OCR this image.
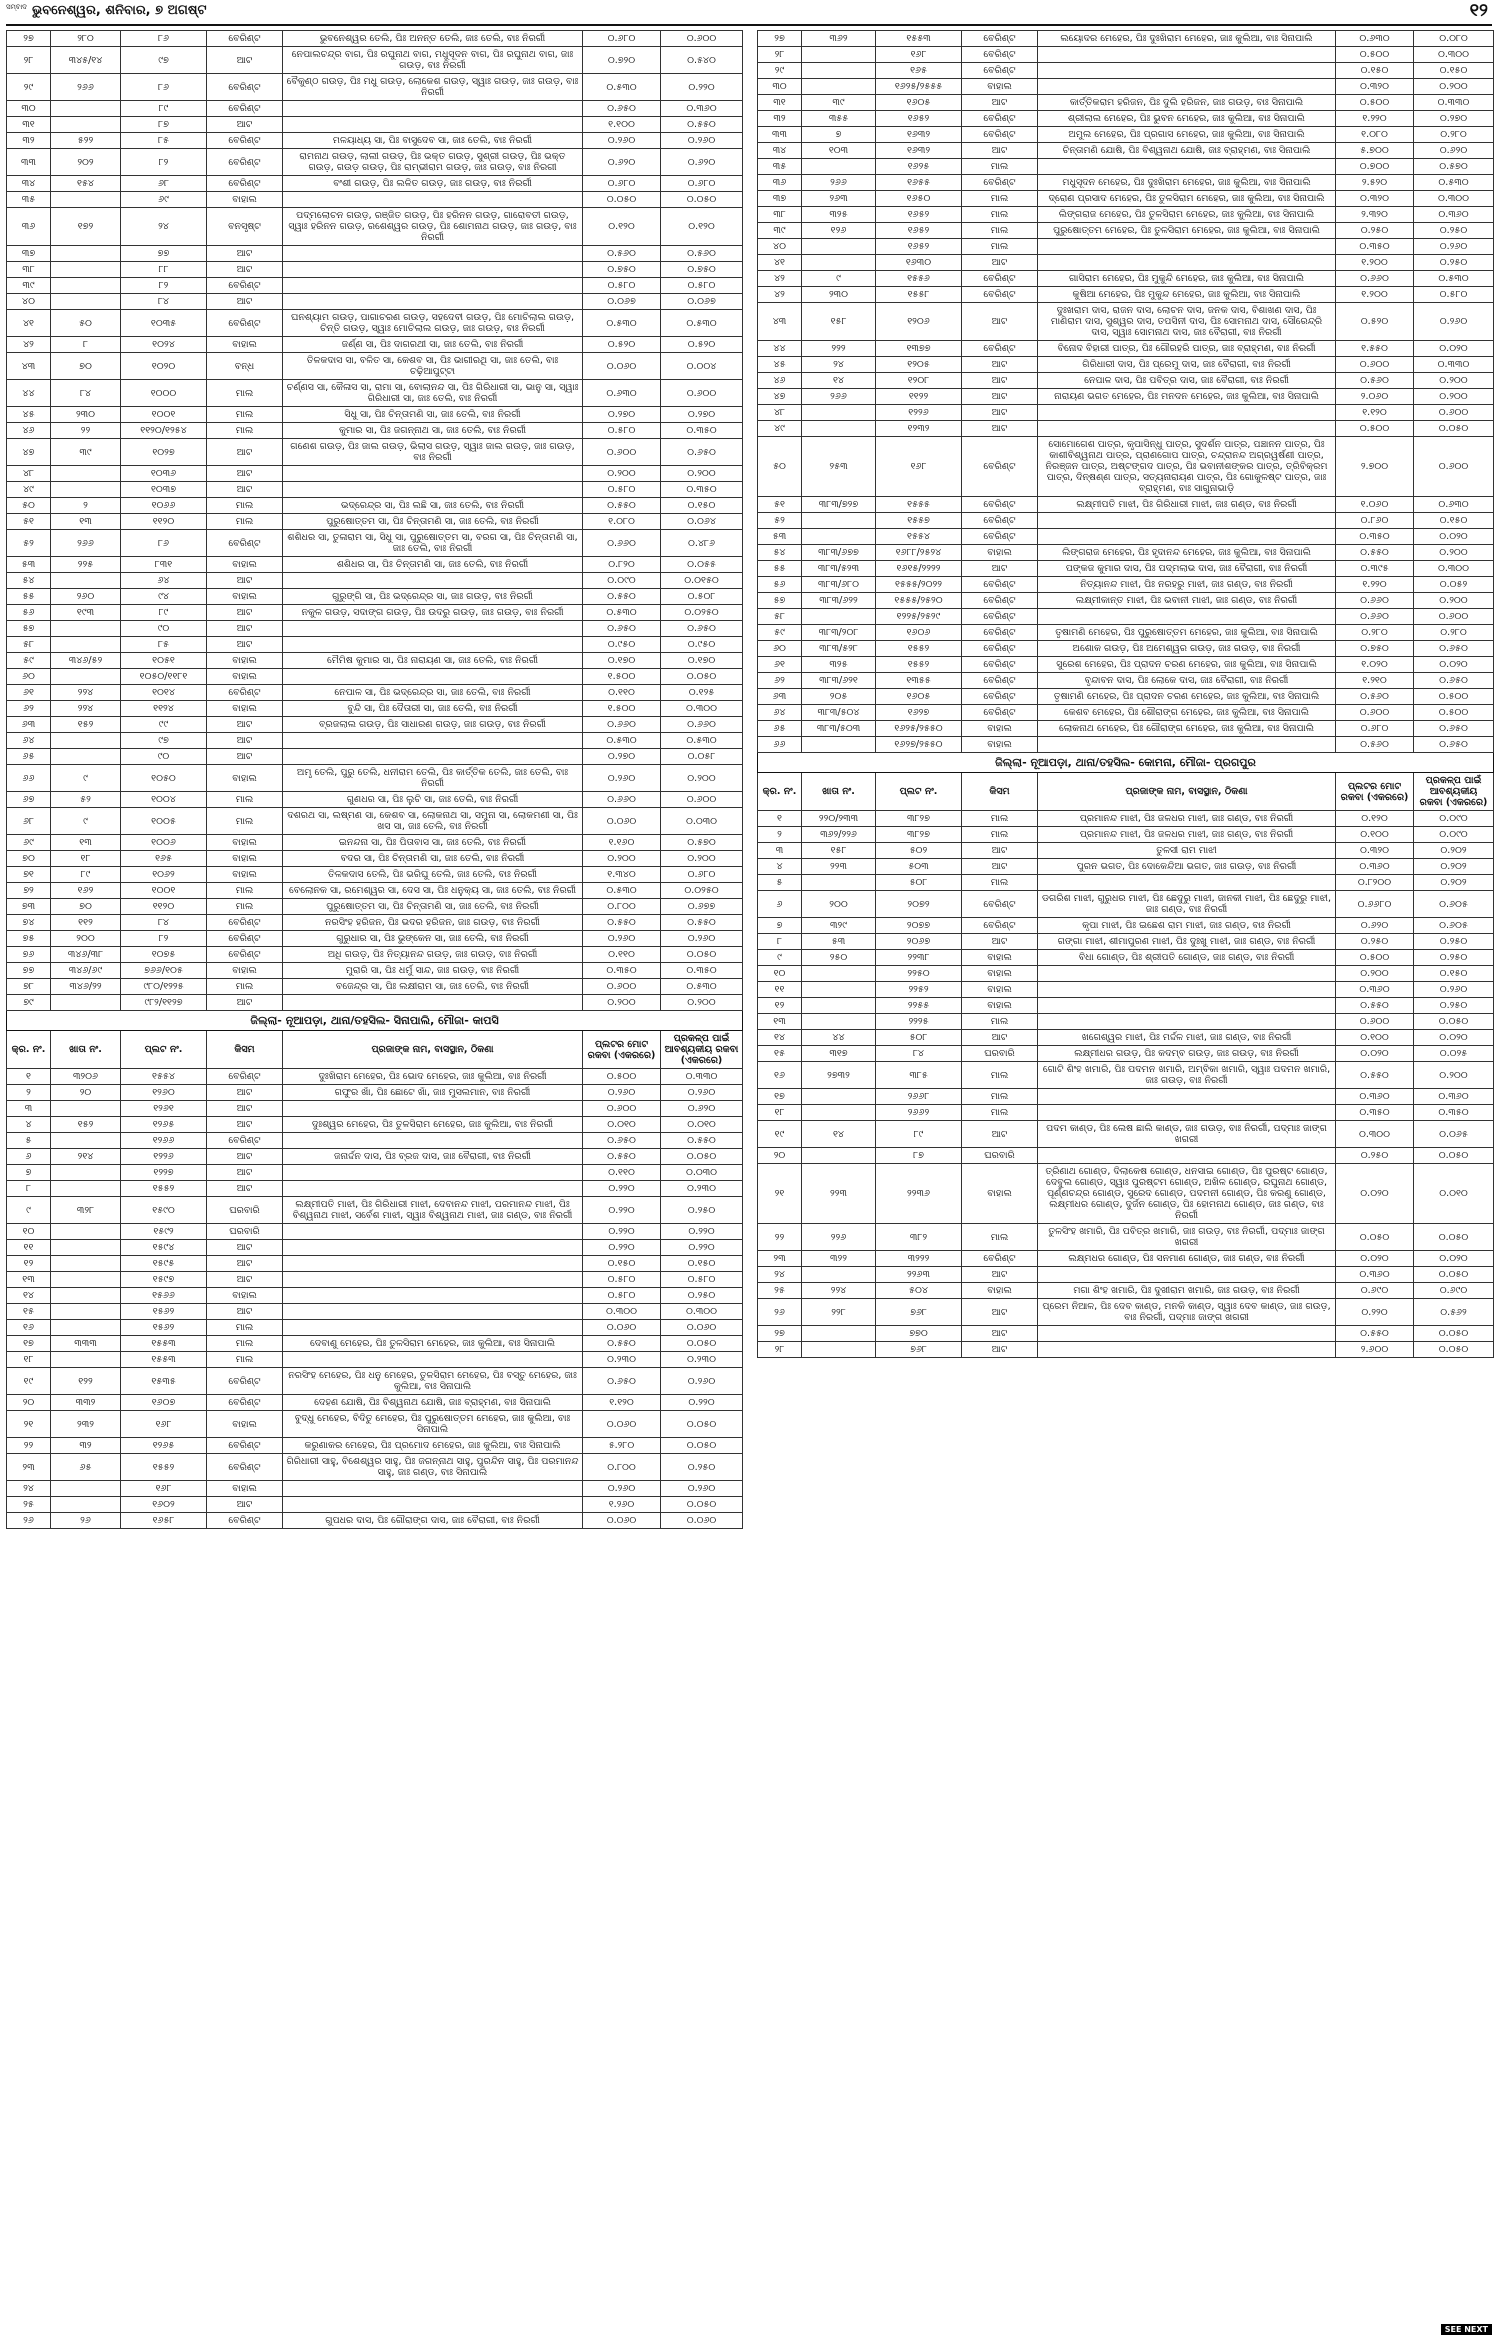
ସମ୍ବାଦ ଭୁବନେଶ୍ୱର, ଶନିବାର, ୭ ଅଗଷ୍ଟ	୧୨
୨୭	୨୮୦	୮୬	ବେରିଣ୍ଟ	ଭୁବନେଶ୍ୱର ତେଲି, ପିଃ ଅନନ୍ତ ତେଲି, ଜାଃ ତେଲି, ବାଃ ନିରର୍ଗୀ	୦.୬୮୦	୦.୬୦୦
୨୮	୩୪୫/୧୪	୯୭	ଆଟ	ନେପାଲଚନ୍ଦ୍ର ବାଗ, ପିଃ ରଘୁନାଥ ବାଗ, ମଧୁସୂଦନ ବାଗ, ପିଃ ରଘୁନାଥ ବାଗ, ଜାଃ ଗଉଡ଼, ବାଃ ନିରର୍ଗୀ	୦.୭୨୦	୦.୫୪୦
୨୯	୨୬୬	୮୬	ବେରିଣ୍ଟ	ବୈକୁଣ୍ଠ ଗଉଡ଼, ପିଃ ମଧୁ ଗଉଡ଼, ଲୋକେଶ ଗଉଡ଼, ସ୍ୱାଃ ଗଉଡ଼, ଜାଃ ଗଉଡ଼, ବାଃ ନିରର୍ଗୀ	୦.୫୩୦	୦.୨୨୦
୩୦		୮୯	ବେରିଣ୍ଟ		୦.୬୫୦	୦.୩୬୦
୩୧		୮୭	ଆଟ		୧.୧୦୦	୦.୫୫୦
୩୨	୫୨୨	୮୫	ବେରିଣ୍ଟ	ମଳୟାଧ୍ୟ ସା, ପିଃ ବାସୁଦେବ ସା, ଜାଃ ତେଲି, ବାଃ ନିରର୍ଗୀ	୦.୨୬୦	୦.୨୬୦
୩୩	୨୦୨	୮୨	ବେରିଣ୍ଟ	ରାମନାଥ ଗଉଡ଼, ଲାଲୀ ଗଉଡ଼, ପିଃ ଭକ୍ତ ଗଉଡ଼, ସୁଶ୍ରୀ ଗଉଡ଼, ପିଃ ଭକ୍ତ ଗଉଡ଼, ଗଉଡ଼ ଗଉଡ଼, ପିଃ ରାମ୍ଭୀରାମ ଗଉଡ଼, ଜାଃ ଗଉଡ଼, ବାଃ ନିରଗୀ	୦.୬୨୦	୦.୬୨୦
୩୪	୧୫୪	୬୮	ବେରିଣ୍ଟ	ବଂଶୀ ଗଉଡ଼, ପିଃ ଲଳିତ ଗଉଡ଼, ଜାଃ ଗଉଡ଼, ବାଃ ନିରର୍ଗୀ	୦.୬୮୦	୦.୬୮୦
୩୫		୬୯	ବାହାଲ		୦.୦୫୦	୦.୦୫୦
୩୬	୧୭୨	୨୪	ବନସୃଷ୍ଟ	ପଦ୍ମଲୋଚନ ଗଉଡ଼, ରଞ୍ଜିତ ଗଉଡ଼, ପିଃ ହରିନନ ଗଉଡ଼, ଗାରୋବତୀ ଗଉଡ଼, ସ୍ୱାଃ ହରିନନ ଗଉଡ଼, ରଶେଶ୍ୱର ଗଉଡ଼, ପିଃ ଶୋମନାଥ ଗଉଡ଼, ଜାଃ ଗଉଡ଼, ବାଃ ନିରର୍ଗୀ	୦.୧୨୦	୦.୧୨୦
୩୭		୭୭	ଆଟ		୦.୫୬୦	୦.୫୬୦
୩୮		୮୮	ଆଟ		୦.୭୫୦	୦.୭୫୦
୩୯		୮୨	ବେରିଣ୍ଟ		୦.୫୮୦	୦.୫୮୦
୪୦		୮୪	ଆଟ		୦.୦୬୭	୦.୦୬୭
୪୧	୫୦	୧୦୩୫	ବେରିଣ୍ଟ	ଘନଶ୍ୟାମ ଗଉଡ଼, ପାଗାଚରଣ ଗଉଡ଼, ସହଦେବୀ ଗଉଡ଼, ପିଃ ମୋଚିଲାଲ ଗଉଡ଼, ଚିନ୍ତି ଗଉଡ଼, ସ୍ୱାଃ ମୋଚିଲାଲ ଗଉଡ଼, ଜାଃ ଗଉଡ଼, ବାଃ ନିରର୍ଗୀ	୦.୫୩୦	୦.୫୩୦
୪୨	୮	୧୦୨୪	ବାହାଲ	ଜର୍ଣ୍ଣ ସା, ପିଃ ଦାଗରଥୀ ସା, ଜାଃ ତେଲି, ବାଃ ନିରର୍ଗୀ	୦.୫୨୦	୦.୫୨୦
୪୩	୭୦	୧୦୨୦	ବନ୍ଧ	ତିଳକଦାସ ସା, ବଳିତ ସା, କେଶବ ସା, ପିଃ ଭାଗୀରଥି ସା, ଜାଃ ତେଲି, ବାଃ ଚଢ଼ିଆପୁଟ୍ଟା	୦.୦୬୦	୦.୦୦୪
୪୪	୮୪	୧୦୦୦	ମାଲ	ଚର୍ଣ୍ଣସ ସା, କୈଳାସ ସା, ରାମା ସା, ବୋଲାନନ୍ଦ ସା, ପିଃ ଗିରିଧାରୀ ସା, ଭାନୁ ସା, ସ୍ୱାଃ ଗିରିଧାରୀ ସା, ଜାଃ ତେଲି, ବାଃ ନିରର୍ଗୀ	୦.୬୩୦	୦.୬୦୦
୪୫	୨୩୦	୧୦୦୧	ମାଲ	ସିଧୁ ସା, ପିଃ ଚିନ୍ତାମଣି ସା, ଜାଃ ତେଲି, ବାଃ ନିରର୍ଗୀ	୦.୨୭୦	୦.୨୭୦
୪୬	୨୨	୧୧୨୦/୧୨୫୪	ମାଲ	କୁମାର ସା, ପିଃ ଜଗନ୍ନାଥ ସା, ଜାଃ ତେଲି, ବାଃ ନିରର୍ଗୀ	୦.୫୮୦	୦.୩୫୦
୪୭	୩୯	୧୦୨୭	ଆଟ	ଗଣେଶ ଗଉଡ଼, ପିଃ ଜାଲ ଗଉଡ଼, ଭିଲାସ ଗଉଡ଼, ସ୍ୱାଃ ଜାଲ ଗଉଡ଼, ଜାଃ ଗଉଡ଼, ବାଃ ନିରର୍ଗୀ	୦.୬୦୦	୦.୬୫୦
୪୮		୧୦୩୬	ଆଟ		୦.୨୦୦	୦.୨୦୦
୪୯		୧୦୩୭	ଆଟ		୦.୫୮୦	୦.୩୫୦
୫୦	୨	୧୦୬୬	ମାଲ	ଭଦ୍ରେନ୍ଦ୍ର ସା, ପିଃ ଲଛି ସା, ଜାଃ ତେଲି, ବାଃ ନିରର୍ଗୀ	୦.୫୫୦	୦.୧୫୦
୫୧	୧୩	୧୧୨୦	ମାଲ	ପୁରୁଷୋତ୍ତମ ସା, ପିଃ ଚିନ୍ତାମଣି ସା, ଜାଃ ତେଲି, ବାଃ ନିରର୍ଗୀ	୧.୦୮୦	୦.୦୬୪
୫୨	୨୬୬	୮୬	ବେରିଣ୍ଟ	ଶଶିଧର ସା, ତୁଳାରାମ ସା, ସିଧୁ ସା, ପୁରୁଷୋତ୍ତମ ସା, ବରଗ ସା, ପିଃ ଚିନ୍ତାମଣି ସା, ଜାଃ ତେଲି, ବାଃ ନିରର୍ଗୀ	୦.୬୬୦	୦.୪୮୬
୫୩	୨୨୫	୮୩୧	ବାହାଲ	ଶଶିଧର ସା, ପିଃ ଚିନ୍ତାମଣି ସା, ଜାଃ ତେଲି, ବାଃ ନିରର୍ଗୀ	୦.୮୨୦	୦.୦୫୫
୫୪		୬୪	ଆଟ		୦.୦୯୦	୦.୦୧୫୦
୫୫	୨୬୦	୯୪	ବାହାଲ	ଗୁରୁଙ୍ଗି ସା, ପିଃ ଭଦ୍ରେନ୍ଦ୍ର ସା, ଜାଃ ଗଉଡ଼, ବାଃ ନିରର୍ଗୀ	୦.୫୫୦	୦.୫୦୮
୫୬	୧୯୩	୮୯	ଆଟ	ନକୁଳ ଗଉଡ଼, ସଦାଙ୍ଗ ଗଉଡ଼, ପିଃ ଉଦରୁ ଗଉଡ଼, ଜାଃ ଗଉଡ଼, ବାଃ ନିରର୍ଗୀ	୦.୫୩୦	୦.୦୨୫୦
୫୭		୯୦	ଆଟ		୦.୬୫୦	୦.୬୫୦
୫୮		୮୫	ଆଟ		୦.୯୫୦	୦.୯୫୦
୫୯	୩୪୬/୫୨	୧୦୫୧	ବାହାଲ	ମୈମିଷ କୁମାର ସା, ପିଃ ନାରାୟଣ ସା, ଜାଃ ତେଲି, ବାଃ ନିରର୍ଗୀ	୦.୧୭୦	୦.୧୭୦
୬୦		୧୦୫୦/୧୧୮୧	ବାହାଲ		୧.୫୦୦	୦.୦୫୦
୬୧	୨୨୪	୧୦୧୪	ବେରିଣ୍ଟ	ନେପାଳ ସା, ପିଃ ଭଦ୍ରେନ୍ଦ୍ର ସା, ଜାଃ ତେଲି, ବାଃ ନିରର୍ଗୀ	୦.୧୧୦	୦.୧୨୫
୬୨	୨୨୪	୧୧୨୪	ବାହାଲ	ବୁନ୍ଦି ସା, ପିଃ ଦୈତାରୀ ସା, ଜାଃ ତେଲି, ବାଃ ନିରର୍ଗୀ	୧.୫୦୦	୦.୩୦୦
୬୩	୧୫୨	୯୯	ଆଟ	ବ୍ରଜଲାଲ ଗଉଡ଼, ପିଃ ସାଧାରଣ ଗଉଡ଼, ଜାଃ ଗଉଡ଼, ବାଃ ନିରର୍ଗୀ	୦.୬୬୦	୦.୬୬୦
୬୪		୯୭	ଆଟ		୦.୫୩୦	୦.୫୩୦
୬୫		୯୦	ଆଟ		୦.୨୭୦	୦.୦୫୮
୬୬	୯	୧୦୫୦	ବାହାଲ	ଅମୃ ତେଲି, ପୁରୁ ତେଲି, ଧନୀରାମ ତେଲି, ପିଃ କାର୍ତ୍ତିକ ତେଲି, ଜାଃ ତେଲି, ବାଃ ନିରର୍ଗୀ	୦.୨୬୦	୦.୨୦୦
୬୭	୫୨	୧୦୦୪	ମାଲ	ଗୁଣଧର ସା, ପିଃ ଲୁଚି ସା, ଜାଃ ତେଲି, ବାଃ ନିରର୍ଗୀ	୦.୬୬୦	୦.୬୦୦
୬୮	୯	୧୦୦୫	ମାଲ	ଦଶରଥ ସା, ଲଷ୍ମଣ ସା, କେଶବ ସା, ଲୋକନାଥ ସା, ସମୁନା ସା, ଲୋକମଣୀ ସା, ପିଃ ଖସ ସା, ଜାଃ ତେଲି, ବାଃ ନିରର୍ଗୀ	୦.୦୬୦	୦.୦୩୦
୬୯	୧୩	୧୦୦୬	ବାହାଲ	ଇନନ୍ଦନା ସା, ପିଃ ପିତାବାସ ସା, ଜାଃ ତେଲି, ବାଃ ନିରର୍ଗୀ	୧.୧୬୦	୦.୫୭୦
୭୦	୧୮	୧୬୫	ବାହାଲ	ବଦର ସା, ପିଃ ଚିନ୍ତାମଣି ସା, ଜାଃ ତେଲି, ବାଃ ନିରର୍ଗୀ	୦.୨୦୦	୦.୨୦୦
୭୧	୮୯	୧୦୬୨	ବାହାଲ	ତିଳକଦାସ ତେଲି, ପିଃ ଭରିଘୁ ତେଲି, ଜାଃ ତେଲି, ବାଃ ନିରର୍ଗୀ	୧.୩୪୦	୦.୬୮୦
୭୨	୧୬୨	୧୦୦୧	ମାଲ	ବେଲୋନକ ସା, ରମେଶ୍ୱର ସା, ଦେସ ସା, ପିଃ ଧନୁକ୍ୟ ସା, ଜାଃ ତେଲି, ବାଃ ନିରର୍ଗୀ	୦.୫୩୦	୦.୦୨୫୦
୭୩	୭୦	୧୧୨୦	ମାଲ	ପୁରୁଷୋତ୍ତମ ସା, ପିଃ ଚିନ୍ତାମଣି ସା, ଜାଃ ତେଲି, ବାଃ ନିରର୍ଗୀ	୦.୮୦୦	୦.୬୭୭
୭୪	୧୧୨	୮୪	ବେରିଣ୍ଟ	ନରସିଂହ ହରିଜନ, ପିଃ ଭଦର ହରିଜନ, ଜାଃ ଗଉଡ଼, ବାଃ ନିରର୍ଗୀ	୦.୫୫୦	୦.୫୫୦
୭୫	୨୦୦	୮୨	ବେରିଣ୍ଟ	ଗୁରୁଧାର ସା, ପିଃ ଭୁଙ୍କେନ ସା, ଜାଃ ତେଲି, ବାଃ ନିରର୍ଗୀ	୦.୨୬୦	୦.୨୬୦
୭୬	୩୪୬/୩୮	୧୦୭୫	ବେରିଣ୍ଟ	ଅଧି ଗଉଡ଼, ପିଃ ନିତ୍ୟାନନ୍ଦ ଗଉଡ଼, ଜାଃ ଗଉଡ଼, ବାଃ ନିରର୍ଗୀ	୦.୧୧୦	୦.୦୫୦
୭୭	୩୪୬/୬୯	୭୬୬/୧୦୫	ବାହାଲ	ମୁରାରି ସା, ପିଃ ଧର୍ମୁ ସାନ୍ଦ, ଜାଃ ଗଉଡ଼, ବାଃ ନିରର୍ଗୀ	୦.୩୫୦	୦.୩୫୦
୭୮	୩୪୬/୨୨	୯୮୦/୧୨୨୫	ମାଲ	ବଜେନ୍ଦ୍ର ସା, ପିଃ ଲକ୍ଷୀରାମ ସା, ଜାଃ ତେଲି, ବାଃ ନିରର୍ଗୀ	୦.୬୦୦	୦.୫୩୦
୭୯		୯୮୨/୧୧୨୭	ଆଟ		୦.୨୦୦	୦.୨୦୦
ଜିଲ୍ଲା- ନୂଆପଡ଼ା, ଥାନା/ତହସିଲ- ସିନାପାଲି, ମୌଜା- କାପସି						
କ୍ର. ନଂ.	ଖାତା ନଂ.	ପ୍ଲଟ ନଂ.	କିସମ	ପ୍ରଜାଙ୍କ ନାମ, ବାସସ୍ଥାନ, ଠିକଣା	ପ୍ଲଟର ମୋଟ ରକବା (ଏକରରେ)	ପ୍ରକଳ୍ପ ପାଇଁ ଆବଶ୍ୟକୀୟ ରକବା (ଏକରରେ)
୧	୩୨୦୬	୧୫୫୪	ବେରିଣ୍ଟ	ଦୁଃଖିରାମ ମେହେର, ପିଃ ଭୋଦ ମେହେର, ଜାଃ କୁଲିଆ, ବାଃ ନିରର୍ଗୀ	୦.୫୦୦	୦.୩୩୦
୨	୨୦	୧୨୬୦	ଆଟ	ଗଫୁର ଖାଁ, ପିଃ ଛୋଟେ ଖାଁ, ଜାଃ ମୁସଲମାନ, ବାଃ ନିରର୍ଗୀ	୦.୨୬୦	୦.୨୬୦
୩		୧୨୬୧	ଆଟ		୦.୬୦୦	୦.୬୨୦
୪	୧୫୨	୧୨୬୫	ଆଟ	ଦୁଃଶ୍ୱର ମେହେର, ପିଃ ତୁଳସିରାମ ମେହେର, ଜାଃ କୁଲିଆ, ବାଃ ନିରର୍ଗୀ	୦.୦୧୦	୦.୦୧୦
୫		୧୨୬୬	ବେରିଣ୍ଟ		୦.୬୫୦	୦.୫୫୦
୬	୨୧୪	୧୨୨୬	ଆଟ	ଜନାର୍ଦ୍ଦନ ଦାସ, ପିଃ ବ୍ରଜ ଦାସ, ଜାଃ ବୈରାଗୀ, ବାଃ ନିରର୍ଗୀ	୦.୫୫୦	୦.୦୫୦
୭		୧୨୨୭	ଆଟ		୦.୧୧୦	୦.୦୩୦
୮		୧୫୫୨	ଆଟ		୦.୨୨୦	୦.୨୩୦
୯	୩୨୮	୧୫୯୦	ଘରବାରି	ଲକ୍ଷ୍ମୀପତି ମାଝୀ, ପିଃ ଗିରିଧାରୀ ମାଝୀ, ଦେବାନନ୍ଦ ମାଝୀ, ପରମାନନ୍ଦ ମାଝୀ, ପିଃ ବିଶ୍ୱନାଥ ମାଝୀ, ସର୍ବେଶ ମାଝୀ, ସ୍ୱାଃ ବିଶ୍ୱନାଥ ମାଝୀ, ଜାଃ ଗଣ୍ଡ, ବାଃ ନିରର୍ଗୀ	୦.୨୨୦	୦.୨୫୦
୧୦		୧୫୯୨	ଘରବାରି		୦.୨୨୦	୦.୨୨୦
୧୧		୧୫୯୪	ଆଟ		୦.୨୨୦	୦.୨୨୦
୧୨		୧୫୯୫	ଆଟ		୦.୧୫୦	୦.୧୫୦
୧୩		୧୫୯୭	ଆଟ		୦.୫୮୦	୦.୫୮୦
୧୪		୧୫୬୬	ବାହାଲ		୦.୫୮୦	୦.୨୫୦
୧୫		୧୫୬୨	ଆଟ		୦.୩୦୦	୦.୩୦୦
୧୬		୧୫୬୨	ମାଲ		୦.୦୬୦	୦.୦୬୦
୧୭	୩୩୩	୧୫୫୩	ମାଲ	ଦେବାଣୁ ମେହେର, ପିଃ ତୁଳସିରାମ ମେହେର, ଜାଃ କୁଲିଆ, ବାଃ ସିନାପାଲି	୦.୫୫୦	୦.୦୫୦
୧୮		୧୫୫୩	ମାଲ		୦.୨୩୦	୦.୨୩୦
୧୯	୧୨୨	୧୫୩୫	ବେରିଣ୍ଟ	ନରସିଂହ ମେହେର, ପିଃ ଧନୁ ମେହେର, ତୁଳସିରାମ ମେହେର, ପିଃ ବସ୍ତୁ ମେହେର, ଜାଃ କୁଲିଆ, ବାଃ ସିନାପାଲି	୦.୬୫୦	୦.୨୬୦
୨୦	୩୩୨	୧୬୦୭	ବେରିଣ୍ଟ	ଦେହଣ ଯୋଷି, ପିଃ ବିଶ୍ୱନାଥ ଯୋଷି, ଜାଃ ବ୍ରାହ୍ମଣ, ବାଃ ସିନାପାଲି	୧.୧୨୦	୦.୨୨୦
୨୧	୨୩୨	୧୬୮	ବାହାଲ	ବୁଦ୍ଧୁ ମେହେର, ବିଦିତୁ ମେହେର, ପିଃ ପୁରୁଷୋତ୍ତମ ମେହେର, ଜାଃ କୁଲିଆ, ବାଃ ସିନାପାଲି	୦.୦୬୦	୦.୦୫୦
୨୨	୩୨	୧୨୬୫	ବେରିଣ୍ଟ	କରୁଣାକର ମେହେର, ପିଃ ପ୍ରମୋଦ ମେହେର, ଜାଃ କୁଲିଆ, ବାଃ ସିନାପାଲି	୫.୨୮୦	୦.୦୫୦
୨୩	୬୫	୧୫୫୨	ବେରିଣ୍ଟ	ଗିରିଧାରୀ ସାହୁ, ବିଶେଶ୍ୱର ସାହୁ, ପିଃ ଜଗନ୍ନାଥ ସାହୁ, ପୁରନ୍ଦିନ ସାହୁ, ପିଃ ପରମାନନ୍ଦ ସାହୁ, ଜାଃ ଗଣ୍ଡ, ବାଃ ସିନାପାଲି	୦.୮୦୦	୦.୨୫୦
୨୪		୧୬୮	ବାହାଲ		୦.୨୬୦	୦.୨୬୦
୨୫		୧୬୦୨	ଆଟ		୧.୨୬୦	୦.୦୫୦
୨୬	୨୬	୧୬୫୮	ବେରିଣ୍ଟ	ଗୁପଧର ଦାସ, ପିଃ ଗୌରାଙ୍ଗ ଦାସ, ଜାଃ ବୈରାଗୀ, ବାଃ ନିରର୍ଗୀ	୦.୦୬୦	୦.୦୬୦
୨୭	୩୬୨	୧୫୫୩	ବେରିଣ୍ଟ	ଲୟୋଦର ମେହେର, ପିଃ ଦୁଃଖିରାମ ମେହେର, ଜାଃ କୁଲିଆ, ବାଃ ସିନାପାଲି	୦.୬୩୦	୦.୦୮୦
୨୮		୧୬୮	ବେରିଣ୍ଟ		୦.୫୦୦	୦.୩୦୦
୨୯		୧୬୫	ବେରିଣ୍ଟ		୦.୧୫୦	୦.୧୫୦
୩୦		୧୬୨୫/୨୫୫୫	ବାହାଲ		୦.୩୨୦	୦.୨୦୦
୩୧	୩୯	୧୬୦୫	ଆଟ	କାର୍ତ୍ତିକରାମ ହରିଜନ, ପିଃ ଦୁଲି ହରିଜନ, ଜାଃ ଗଉଡ଼, ବାଃ ସିନାପାଲି	୦.୫୦୦	୦.୩୩୦
୩୨	୩୫୫	୧୬୫୨	ବେରିଣ୍ଟ	ଶ୍ରୀଲାଲ ମେହେର, ପିଃ ଭୁବନ ମେହେର, ଜାଃ କୁଲିଆ, ବାଃ ସିନାପାଲି	୧.୨୨୦	୦.୨୭୦
୩୩	୭	୧୬୩୨	ବେରିଣ୍ଟ	ଅମୁଲ ମେହେର, ପିଃ ପ୍ରଗାସ ମେହେର, ଜାଃ କୁଲିଆ, ବାଃ ସିନାପାଲି	୧.୦୮୦	୦.୨୮୦
୩୪	୧୦୩	୧୬୩୨	ଆଟ	ଚିନ୍ତାମଣି ଯୋଷି, ପିଃ ବିଶ୍ୱନାଥ ଯୋଷି, ଜାଃ ବ୍ରାହ୍ମଣ, ବାଃ ସିନାପାଲି	୫.୭୦୦	୦.୬୨୦
୩୫		୧୬୨୫	ମାଲ		୦.୭୦୦	୦.୫୭୦
୩୬	୨୬୬	୧୬୫୫	ବେରିଣ୍ଟ	ମଧୁସୂଦନ ମେହେର, ପିଃ ଦୁଃଖିରାମ ମେହେର, ଜାଃ କୁଲିଆ, ବାଃ ସିନାପାଲି	୨.୫୨୦	୦.୫୩୦
୩୭	୨୬୩	୧୬୫୦	ମାଲ	ଦ୍ରୋଣ ପ୍ରସାଦ ମେହେର, ପିଃ ତୁଳସିରାମ ମେହେର, ଜାଃ କୁଲିଆ, ବାଃ ସିନାପାଲି	୦.୩୨୦	୦.୩୦୦
୩୮	୩୨୫	୧୬୫୨	ମାଲ	ଲିଙ୍ଗରାଜ ମେହେର, ପିଃ ତୁଳସିରାମ ମେହେର, ଜାଃ କୁଲିଆ, ବାଃ ସିନାପାଲି	୨.୩୨୦	୦.୩୬୦
୩୯	୧୨୬	୧୬୫୨	ମାଲ	ପୁରୁଷୋତ୍ତମ ମେହେର, ପିଃ ତୁଳସିରାମ ମେହେର, ଜାଃ କୁଲିଆ, ବାଃ ସିନାପାଲି	୦.୨୫୦	୦.୨୫୦
୪୦		୧୬୫୨	ମାଲ		୦.୩୫୦	୦.୨୬୦
୪୧		୧୬୩୦	ଆଟ		୧.୨୦୦	୦.୨୫୦
୪୨	୯	୧୫୫୬	ବେରିଣ୍ଟ	ଗାସିରାମ ମେହେର, ପିଃ ମୁକୁନ୍ଦି ମେହେର, ଜାଃ କୁଲିଆ, ବାଃ ସିନାପାଲି	୦.୬୬୦	୦.୫୩୦
୪୨	୨୩୦	୧୫୫୮	ବେରିଣ୍ଟ	କୁଷିଆ ମେହେର, ପିଃ ମୁକୁନ୍ଦ ମେହେର, ଜାଃ କୁଲିଆ, ବାଃ ସିନାପାଲି	୧.୨୦୦	୦.୫୮୦
୪୩	୧୫୮	୧୨୦୬	ଆଟ	ଦୁଃଖରାମ ଦାସ, ରାଜନ ଦାସ, ଲୋଚନ ଦାସ, ଜନକ ଦାସ, ବିଶାଖଣ ଦାସ, ପିଃ ମାଣିରାମ ଦାସ, ସୁଶ୍ୱର ଦାସ, ତପସିନୀ ଦାସ, ପିଃ ସୋମନାଥ ଦାସ, ସୌରେନ୍ଦ୍ରି ଦାସ, ସ୍ୱାଃ ସୋମନାଥ ଦାସ, ଜାଃ ବୈରାଗୀ, ବାଃ ନିରର୍ଗୀ	୦.୫୨୦	୦.୨୬୦
୪୪	୨୨୨	୧୩୭୭	ବେରିଣ୍ଟ	ବିନୋଦ ବିହାରୀ ପାତ୍ର, ପିଃ ଗୌରହରି ପାତ୍ର, ଜାଃ ବ୍ରାହ୍ମଣ, ବାଃ ନିରର୍ଗୀ	୧.୫୫୦	୦.୦୨୦
୪୫	୨୪	୧୨୦୫	ଆଟ	ଗିରିଧାରୀ ଦାସ, ପିଃ ପ୍ରେମୁ ଦାସ, ଜାଃ ବୈରାଗୀ, ବାଃ ନିରର୍ଗୀ	୦.୬୦୦	୦.୩୩୦
୪୬	୧୪	୧୨୦୮	ଆଟ	ନେପାଳ ଦାସ, ପିଃ ପବିତ୍ର ଦାସ, ଜାଃ ବୈରାଗୀ, ବାଃ ନିରର୍ଗୀ	୦.୫୬୦	୦.୨୦୦
୪୭	୨୬୬	୧୧୨୨	ଆଟ	ନାରାୟଣ ଭଗତ ମେହେର, ପିଃ ମନଦନ ମେହେର, ଜାଃ କୁଲିଆ, ବାଃ ସିନାପାଲି	୨.୦୬୦	୦.୨୦୦
୪୮		୧୨୨୬	ଆଟ		୧.୧୨୦	୦.୬୦୦
୪୯		୧୨୩୨	ଆଟ		୦.୫୦୦	୦.୦୫୦
୫୦	୨୫୩	୧୬୮	ବେରିଣ୍ଟ	ସୋମୋଗେଶ ପାତ୍ର, କୃପାସିନ୍ଧୁ ପାତ୍ର, ସୁଦର୍ଶନ ପାତ୍ର, ପଞ୍ଚାନନ ପାତ୍ର, ପିଃ କାଶୀବିଶ୍ୱନାଥ ପାତ୍ର, ପ୍ରାଣଗୋପ ପାତ୍ର, ଚନ୍ଦ୍ରାନନ୍ଦ ଅଗ୍ରୱର୍ଷଣୀ ପାତ୍ର, ନିରଞ୍ଜନ ପାତ୍ର, ଅଷ୍ଟଙ୍ଗଦ ପାତ୍ର, ପିଃ ଭବାନୀଶଙ୍କର ପାତ୍ର, ତ୍ରିବିକ୍ରମ ପାତ୍ର, ଦିନ୍ଷଣ୍ଣ ପାତ୍ର, ସତ୍ୟନାରାୟଣ ପାତ୍ର, ପିଃ ଗୋକୁଳଷ୍ଟ ପାତ୍ର, ଜାଃ ବ୍ରାହ୍ମଣ, ବାଃ ସାଗୁନାଭାଡ଼ି	୨.୭୦୦	୦.୬୦୦
୫୧	୩୮୩/୭୨୭	୧୫୫୫	ବେରିଣ୍ଟ	ଲକ୍ଷ୍ମୀପତି ମାଝୀ, ପିଃ ଗିରିଧାରୀ ମାଝୀ, ଜାଃ ଗଣ୍ଡ, ବାଃ ନିରର୍ଗୀ	୧.୦୬୦	୦.୬୩୦
୫୨		୧୫୫୭	ବେରିଣ୍ଟ		୦.୮୬୦	୦.୧୫୦
୫୩		୧୫୫୪	ବେରିଣ୍ଟ		୦.୩୫୦	୦.୦୨୦
୫୪	୩୮୩/୬୭୭	୧୬୮୮/୨୫୨୪	ବାହାଲ	ଲିଙ୍ଗରାଜ ମେହେର, ପିଃ ହୃଦାନନ୍ଦ ମେହେର, ଜାଃ କୁଲିଆ, ବାଃ ସିନାପାଲି	୦.୫୫୦	୦.୨୦୦
୫୫	୩୮୩/୫୨୩	୧୬୧୫/୨୨୨୨	ଆଟ	ପଙ୍କଜ କୁମାର ଦାସ, ପିଃ ପଦ୍ମଲାଭ ଦାସ, ଜାଃ ବୈରାଗୀ, ବାଃ ନିରର୍ଗୀ	୦.୩୯୫	୦.୩୦୦
୫୬	୩୮୩/୬୮୦	୧୫୫୫/୨୦୨୨	ବେରିଣ୍ଟ	ନିତ୍ୟାନନ୍ଦ ମାଝୀ, ପିଃ ନରହରୁ ମାଝୀ, ଜାଃ ଗଣ୍ଡ, ବାଃ ନିରର୍ଗୀ	୧.୨୨୦	୦.୦୫୨
୫୭	୩୮୩/୬୨୨	୧୫୫୫/୨୫୨୦	ବେରିଣ୍ଟ	ଲକ୍ଷ୍ମୀକାନ୍ତ ମାଝୀ, ପିଃ ଭବାନୀ ମାଝୀ, ଜାଃ ଗଣ୍ଡ, ବାଃ ନିରର୍ଗୀ	୦.୬୬୦	୦.୨୦୦
୫୮		୧୨୨୫/୨୫୨୯	ବେରିଣ୍ଟ		୦.୬୬୦	୦.୬୦୦
୫୯	୩୮୩/୨୦୮	୧୬୦୬	ବେରିଣ୍ଟ	ତୃଷାମଣି ମେହେର, ପିଃ ପୁରୁଷୋତ୍ତମ ମେହେର, ଜାଃ କୁଲିଆ, ବାଃ ସିନାପାଲି	୦.୨୮୦	୦.୨୮୦
୬୦	୩୮୩/୫୨୮	୧୫୫୨	ବେରିଣ୍ଟ	ଅଶୋକ ଗଉଡ଼, ପିଃ ଅମେଶ୍ୱର ଗଉଡ଼, ଜାଃ ଗଉଡ଼, ବାଃ ନିରର୍ଗୀ	୦.୭୫୦	୦.୬୫୦
୬୧	୩୨୫	୧୫୫୨	ବେରିଣ୍ଟ	ସୁରେଶ ମେହେର, ପିଃ ପ୍ରାଦନ ଚରଣ ମେହେର, ଜାଃ କୁଲିଆ, ବାଃ ସିନାପାଲି	୧.୦୨୦	୦.୦୨୦
୬୨	୩୮୩/୬୨୧	୧୩୫୫	ବେରିଣ୍ଟ	ବୃନ୍ଦାବନ ଦାସ, ପିଃ ଲୋକେ ଦାସ, ଜାଃ ବୈରାଗୀ, ବାଃ ନିରର୍ଗୀ	୧.୨୧୦	୦.୬୫୦
୬୩	୨୦୫	୧୬୦୫	ବେରିଣ୍ଟ	ତୃଷାମଣି ମେହେର, ପିଃ ପ୍ରାଦନ ଚରଣ ମେହେର, ଜାଃ କୁଲିଆ, ବାଃ ସିନାପାଲି	୦.୫୬୦	୦.୫୦୦
୬୪	୩୮୩/୫୦୪	୧୬୨୭	ବେରିଣ୍ଟ	କେଶବ ମେହେର, ପିଃ ଶୌରାଙ୍ଗ ମେହେର, ଜାଃ କୁଲିଆ, ବାଃ ସିନାପାଲି	୦.୬୦୦	୦.୫୦୦
୬୫	୩୮୩/୫୦୩	୧୬୨୫/୨୫୫୦	ବାହାଲ	ଲୋକନାଥ ମେହେର, ପିଃ ଗୌରାଙ୍ଗ ମେହେର, ଜାଃ କୁଲିଆ, ବାଃ ସିନାପାଲି	୦.୬୮୦	୦.୬୫୦
୬୬		୧୬୨୭/୨୫୫୦	ବାହାଲ		୦.୫୬୦	୦.୬୫୦
ଜିଲ୍ଲା- ନୂଆପଡ଼ା, ଥାନା/ତହସିଲ- କୋମନା, ମୌଜା- ପ୍ରଗପୁର						
କ୍ର. ନଂ.	ଖାତା ନଂ.	ପ୍ଲଟ ନଂ.	କିସମ	ପ୍ରଜାଙ୍କ ନାମ, ବାସସ୍ଥାନ, ଠିକଣା	ପ୍ଲଟର ମୋଟ ରକବା (ଏକରରେ)	ପ୍ରକଳ୍ପ ପାଇଁ ଆବଶ୍ୟକୀୟ ରକବା (ଏକରରେ)
୧	୨୨୦/୨୩୩	୩୮୨୭	ମାଲ	ପ୍ରମାନନ୍ଦ ମାଝୀ, ପିଃ ଜଳଧର ମାଝୀ, ଜାଃ ଗଣ୍ଡ, ବାଃ ନିରର୍ଗୀ	୦.୧୨୦	୦.୦୯୦
୨	୩୬୨/୨୨୬	୩୮୨୭	ମାଲ	ପ୍ରମାନନ୍ଦ ମାଝୀ, ପିଃ ଜଳଧର ମାଝୀ, ଜାଃ ଗଣ୍ଡ, ବାଃ ନିରର୍ଗୀ	୦.୧୦୦	୦.୦୯୦
୩	୧୫୮	୫୦୨	ଆଟ	ତୁଳସୀ ରାମ ମାଝୀ	୦.୩୨୦	୦.୨୦୨
୪	୨୨୩	୫୦୩	ଆଟ	ପୁରନ ଭଗତ, ପିଃ ଦୋକେନ୍ଦିଆ ଭଗତ, ଜାଃ ଗଉଡ଼, ବାଃ ନିରର୍ଗୀ	୦.୩୬୦	୦.୨୦୨
୫		୫୦୮	ମାଲ		୦.୮୨୦୦	୦.୨୦୨
୬	୨୦୦	୨୦୭୨	ବେରିଣ୍ଟ	ଡଗରିଶ ମାଝୀ, ଗୁରୁଧର ମାଝୀ, ପିଃ ଛେଦୁରୁ ମାଝୀ, ଜାନକୀ ମାଝୀ, ପିଃ ଛେଦୁରୁ ମାଝୀ, ଜାଃ ଗଣ୍ଡ, ବାଃ ନିରର୍ଗୀ	୦.୬୬୮୦	୦.୬୦୫
୭	୩୨୯	୨୦୭୭	ବେରିଣ୍ଟ	କୃପା ମାଝୀ, ପିଃ ଇଛେଶ ରାମ ମାଝୀ, ଜାଃ ଗଣ୍ଡ, ବାଃ ନିରର୍ଗୀ	୦.୬୨୦	୦.୬୦୫
୮	୫୩	୨୦୬୭	ଆଟ	ଗଙ୍ଗା ମାଝୀ, ଶୀମାପୁରଣ ମାଝୀ, ପିଃ ଦୁଃଖୁ ମାଝୀ, ଜାଃ ଗଣ୍ଡ, ବାଃ ନିରର୍ଗୀ	୦.୨୫୦	୦.୨୫୦
୯	୨୫୦	୨୨୩୮	ବାହାଲ	ବିଧା ଗୋଣ୍ଡ, ପିଃ ଶ୍ରୀପତି ଗୋଣ୍ଡ, ଜାଃ ଗଣ୍ଡ, ବାଃ ନିରର୍ଗୀ	୦.୫୦୦	୦.୨୫୦
୧୦		୨୨୫୦	ବାହାଲ		୦.୨୦୦	୦.୧୫୦
୧୧		୨୨୫୨	ବାହାଲ		୦.୩୬୦	୦.୨୬୦
୧୨		୨୨୫୫	ବାହାଲ		୦.୫୫୦	୦.୨୫୦
୧୩		୨୨୨୫	ମାଲ		୦.୬୦୦	୦.୦୫୦
୧୪	୪୪	୫୦୮	ଆଟ	ଖଗେଶ୍ୱର ମାଝୀ, ପିଃ ମର୍ଦ୍ଦଳ ମାଝୀ, ଜାଃ ଗଣ୍ଡ, ବାଃ ନିରର୍ଗୀ	୦.୧୦୦	୦.୦୨୦
୧୫	୩୧୭	୮୪	ଘରବାରି	ଲକ୍ଷ୍ମୀଧର ଗଉଡ଼, ପିଃ କଦମ୍ବ ଗଉଡ଼, ଜାଃ ଗଉଡ଼, ବାଃ ନିରର୍ଗୀ	୦.୦୨୦	୦.୦୨୫
୧୬	୨୭୩୨	୩୮୫	ମାଲ	ଗୋଟି ଶିଂହ ଖମାରି, ପିଃ ପଦମନ ଖମାରି, ଅମ୍ବିକା ଖମାରି, ସ୍ୱାଃ ପଦମନ ଖମାରି, ଜାଃ ଗଉଡ଼, ବାଃ ନିରର୍ଗୀ	୦.୫୫୦	୦.୨୦୦
୧୭		୨୬୬୮	ମାଲ		୦.୩୬୦	୦.୩୬୦
୧୮		୨୬୬୨	ମାଲ		୦.୩୫୦	୦.୩୫୦
୧୯	୧୪	୮୯	ଆଟ	ପଦମ କାଣ୍ଡ, ପିଃ ଲେଷ ଛାଲି କାଣ୍ଡ, ଜାଃ ଗଉଡ଼, ବାଃ ନିରର୍ଗୀ, ପଦ୍ମାଃ ଜାଙ୍ଗ ଖଗରୀ	୦.୩୦୦	୦.୦୬୫
୨୦		୮୭	ଘରବାରି		୦.୨୫୦	୦.୦୫୦
୨୧	୨୨୩	୨୨୩୬	ବାହାଲ	ତ୍ରିଣାଥ ଗୋଣ୍ଡ, ଦିଲାକେଷ ଗୋଣ୍ଡ, ଧନସାଇ ଗୋଣ୍ଡ, ପିଃ ପୁରଷ୍ଟ ଗୋଣ୍ଡ, ଦେବୁଲ ଗୋଣ୍ଡ, ସ୍ୱାଃ ପୁରଷ୍ଟମ ଗୋଣ୍ଡ, ଅଖିଳ ଗୋଣ୍ଡ, ରଘୁନାଥ ଗୋଣ୍ଡ, ପୂର୍ଣ୍ଣଚନ୍ଦ୍ର ଗୋଣ୍ଡ, ସୁରେଦ ଗୋଣ୍ଡ, ପଦମନୀ ଗୋଣ୍ଡ, ପିଃ କରଣୁ ଗୋଣ୍ଡ, ଲକ୍ଷ୍ମୀଧର ଗୋଣ୍ଡ, ଦୁର୍ଜନ ଗୋଣ୍ଡ, ପିଃ ହୋମନାଥ ଗୋଣ୍ଡ, ଜାଃ ଗଣ୍ଡ, ବାଃ ନିରର୍ଗୀ	୦.୦୨୦	୦.୦୧୦
୨୨	୨୨୬	୩୮୨	ମାଲ	ତୁଳସିଂହ ଖମାରି, ପିଃ ପବିତ୍ର ଖମାରି, ଜାଃ ଗଉଡ଼, ବାଃ ନିରର୍ଗୀ, ପଦ୍ମାଃ ଜାଙ୍ଗ ଖଗରୀ	୦.୦୫୦	୦.୦୫୦
୨୩	୩୨୨	୩୨୨୨	ବେରିଣ୍ଟ	ଲକ୍ଷ୍ମଧର ଗୋଣ୍ଡ, ପିଃ ସନମାଣ ଗୋଣ୍ଡ, ଜାଃ ଗଣ୍ଡ, ବାଃ ନିରର୍ଗୀ	୦.୦୨୦	୦.୦୨୦
୨୪		୨୨୬୩	ଆଟ		୦.୩୬୦	୦.୦୫୦
୨୫	୨୨୪	୫୦୪	ବାହାଲ	ମଗା ଶିଂହ ଖମାରି, ପିଃ ଦୁଖୀରାମ ଖମାରି, ଜାଃ ଗଉଡ଼, ବାଃ ନିରର୍ଗୀ	୦.୬୯୦	୦.୬୯୦
୨୬	୨୨୮	୭୬୮	ଆଟ	ପ୍ରେମ ନିଆଳ, ପିଃ ଦେବ କାଣ୍ଡ, ମନକି କାଣ୍ଡ, ସ୍ୱାଃ ଦେବ କାଣ୍ଡ, ଜାଃ ଗଉଡ଼, ବାଃ ନିରର୍ଗୀ, ପଦ୍ମାଃ ଜାଙ୍ଗ ଖଗରୀ	୦.୨୨୦	୦.୫୬୨
୨୭		୭୭୦	ଆଟ		୦.୫୫୦	୦.୦୫୦
୨୮		୭୬୮	ଆଟ		୨.୬୦୦	୦.୦୫୦
SEE NEXT
